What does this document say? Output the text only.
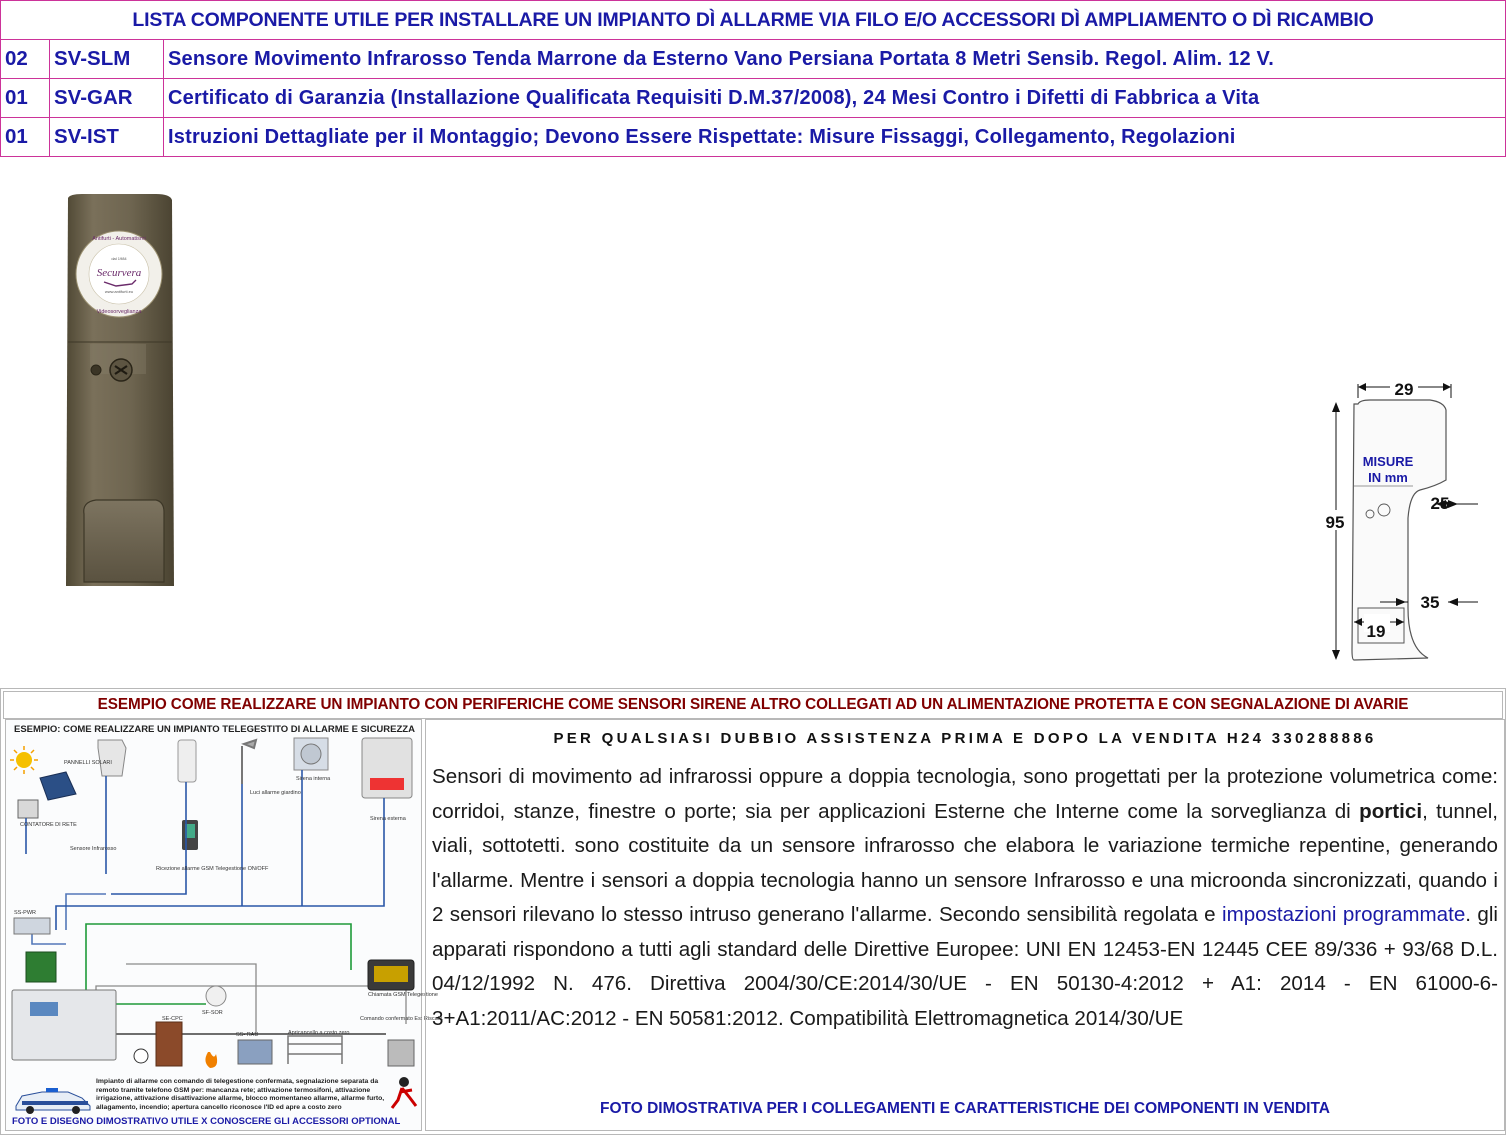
LISTA COMPONENTE UTILE PER INSTALLARE UN IMPIANTO DÌ ALLARME VIA FILO E/O ACCESSORI DÌ AMPLIAMENTO O DÌ RICAMBIO		
02	SV-SLM	Sensore Movimento Infrarosso Tenda Marrone da Esterno Vano Persiana Portata 8 Metri Sensib. Regol. Alim. 12 V.
01	SV-GAR	Certificato di Garanzia (Installazione Qualificata Requisiti D.M.37/2008), 24 Mesi Contro i Difetti di Fabbrica a Vita
01	SV-IST	Istruzioni Dettagliate per il Montaggio; Devono Essere Rispettate: Misure Fissaggi, Collegamento, Regolazioni
Securvera
dal 1984
www.antifurti.eu
Antifurti - Automatismi
Videosorveglianza
29
95
MISURE
IN mm
25
35
19
ESEMPIO COME REALIZZARE UN IMPIANTO CON PERIFERICHE COME SENSORI SIRENE ALTRO COLLEGATI AD UN ALIMENTAZIONE PROTETTA E CON SEGNALAZIONE DI AVARIE
ESEMPIO: COME REALIZZARE UN IMPIANTO TELEGESTITO DI ALLARME E SICUREZZA
PANNELLI SOLARI
CONTATORE DI RETE
Sensore Infrarosso
Luci allarme giardino
Sirena interna
Sirena esterna
Ricezione allarme GSM Telegestione ON/OFF
SS-PWR
Chiamata GSM Telegestione
SE-CPC
SF-SOR
SS- RAU	Apricancello a costo zero
Comando confermato Es: Riscald.
Impianto di allarme con comando di telegestione confermata, segnalazione separata da remoto tramite telefono GSM per: mancanza rete; attivazione termosifoni, attivazione irrigazione, attivazione disattivazione allarme, blocco momentaneo allarme, allarme furto, allagamento, incendio; apertura cancello riconosce l'ID ed apre a costo zero
FOTO E DISEGNO DIMOSTRATIVO UTILE X CONOSCERE GLI ACCESSORI OPTIONAL
PER QUALSIASI DUBBIO ASSISTENZA PRIMA E DOPO LA VENDITA H24 330288886
Sensori di movimento ad infrarossi oppure a doppia tecnologia, sono progettati per la protezione volumetrica come: corridoi, stanze, finestre o porte; sia per applicazioni Esterne che Interne come la sorveglianza di portici, tunnel, viali, sottotetti. sono costituite da un sensore infrarosso che elabora le variazione termiche repentine, generando l'allarme. Mentre i sensori a doppia tecnologia hanno un sensore Infrarosso e una microonda sincronizzati, quando i 2 sensori rilevano lo stesso intruso generano l'allarme. Secondo sensibilità regolata e impostazioni programmate. gli apparati rispondono a tutti agli standard delle Direttive Europee: UNI EN 12453-EN 12445 CEE 89/336 + 93/68 D.L. 04/12/1992 N. 476. Direttiva 2004/30/CE:2014/30/UE - EN 50130-4:2012 + A1: 2014 - EN 61000-6-3+A1:2011/AC:2012 - EN 50581:2012. Compatibilità Elettromagnetica 2014/30/UE
FOTO DIMOSTRATIVA PER I COLLEGAMENTI E CARATTERISTICHE DEI COMPONENTI IN VENDITA
